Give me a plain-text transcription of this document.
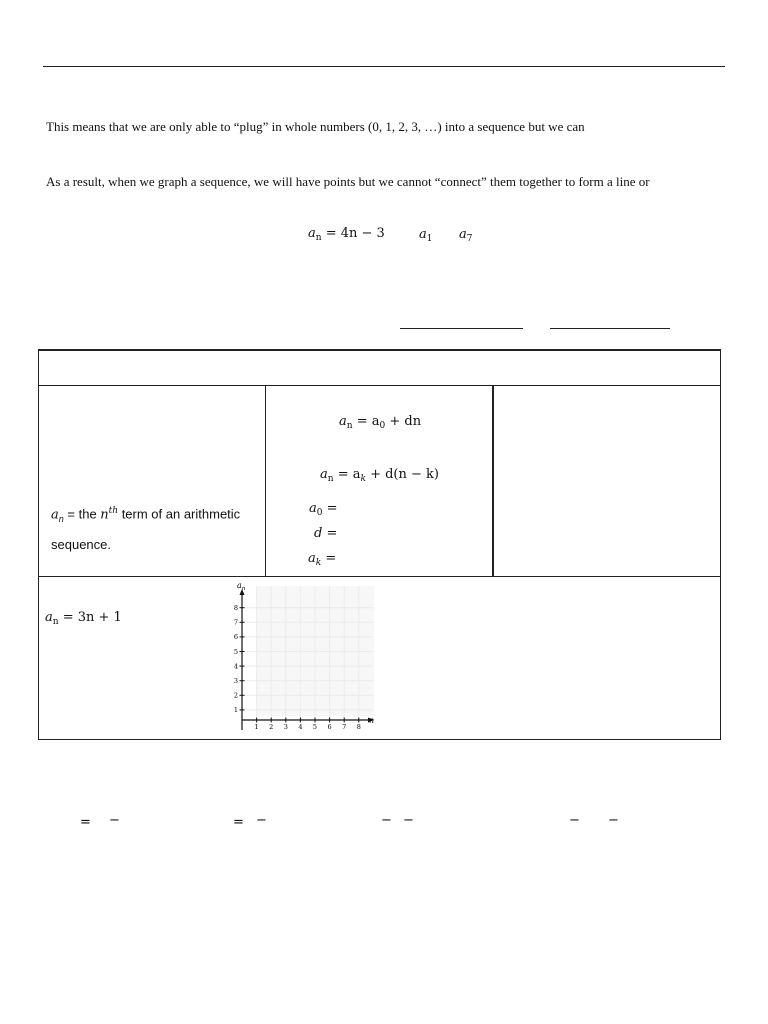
This means that we are only able to “plug” in whole numbers (0, 1, 2, 3, …) into a sequence but we can
As a result, when we graph a sequence, we will have points but we cannot “connect” them together to form a line or
$a_n = 4n - 3$	$a_1$ $a_7$
$a_n$ = the $n^{th}$ term of an arithmetic
sequence.
$a_n = a_0$ + dn
$a_n = a_k + d(n - k)$
$a_0$ =
d =
$a_k$ =
$a_n = 3n + 1$
1 2 3 4 5 6 7 8
1
2
3
4
5
6
7
8
$a_n$
n
= −	= −	− −	− −
